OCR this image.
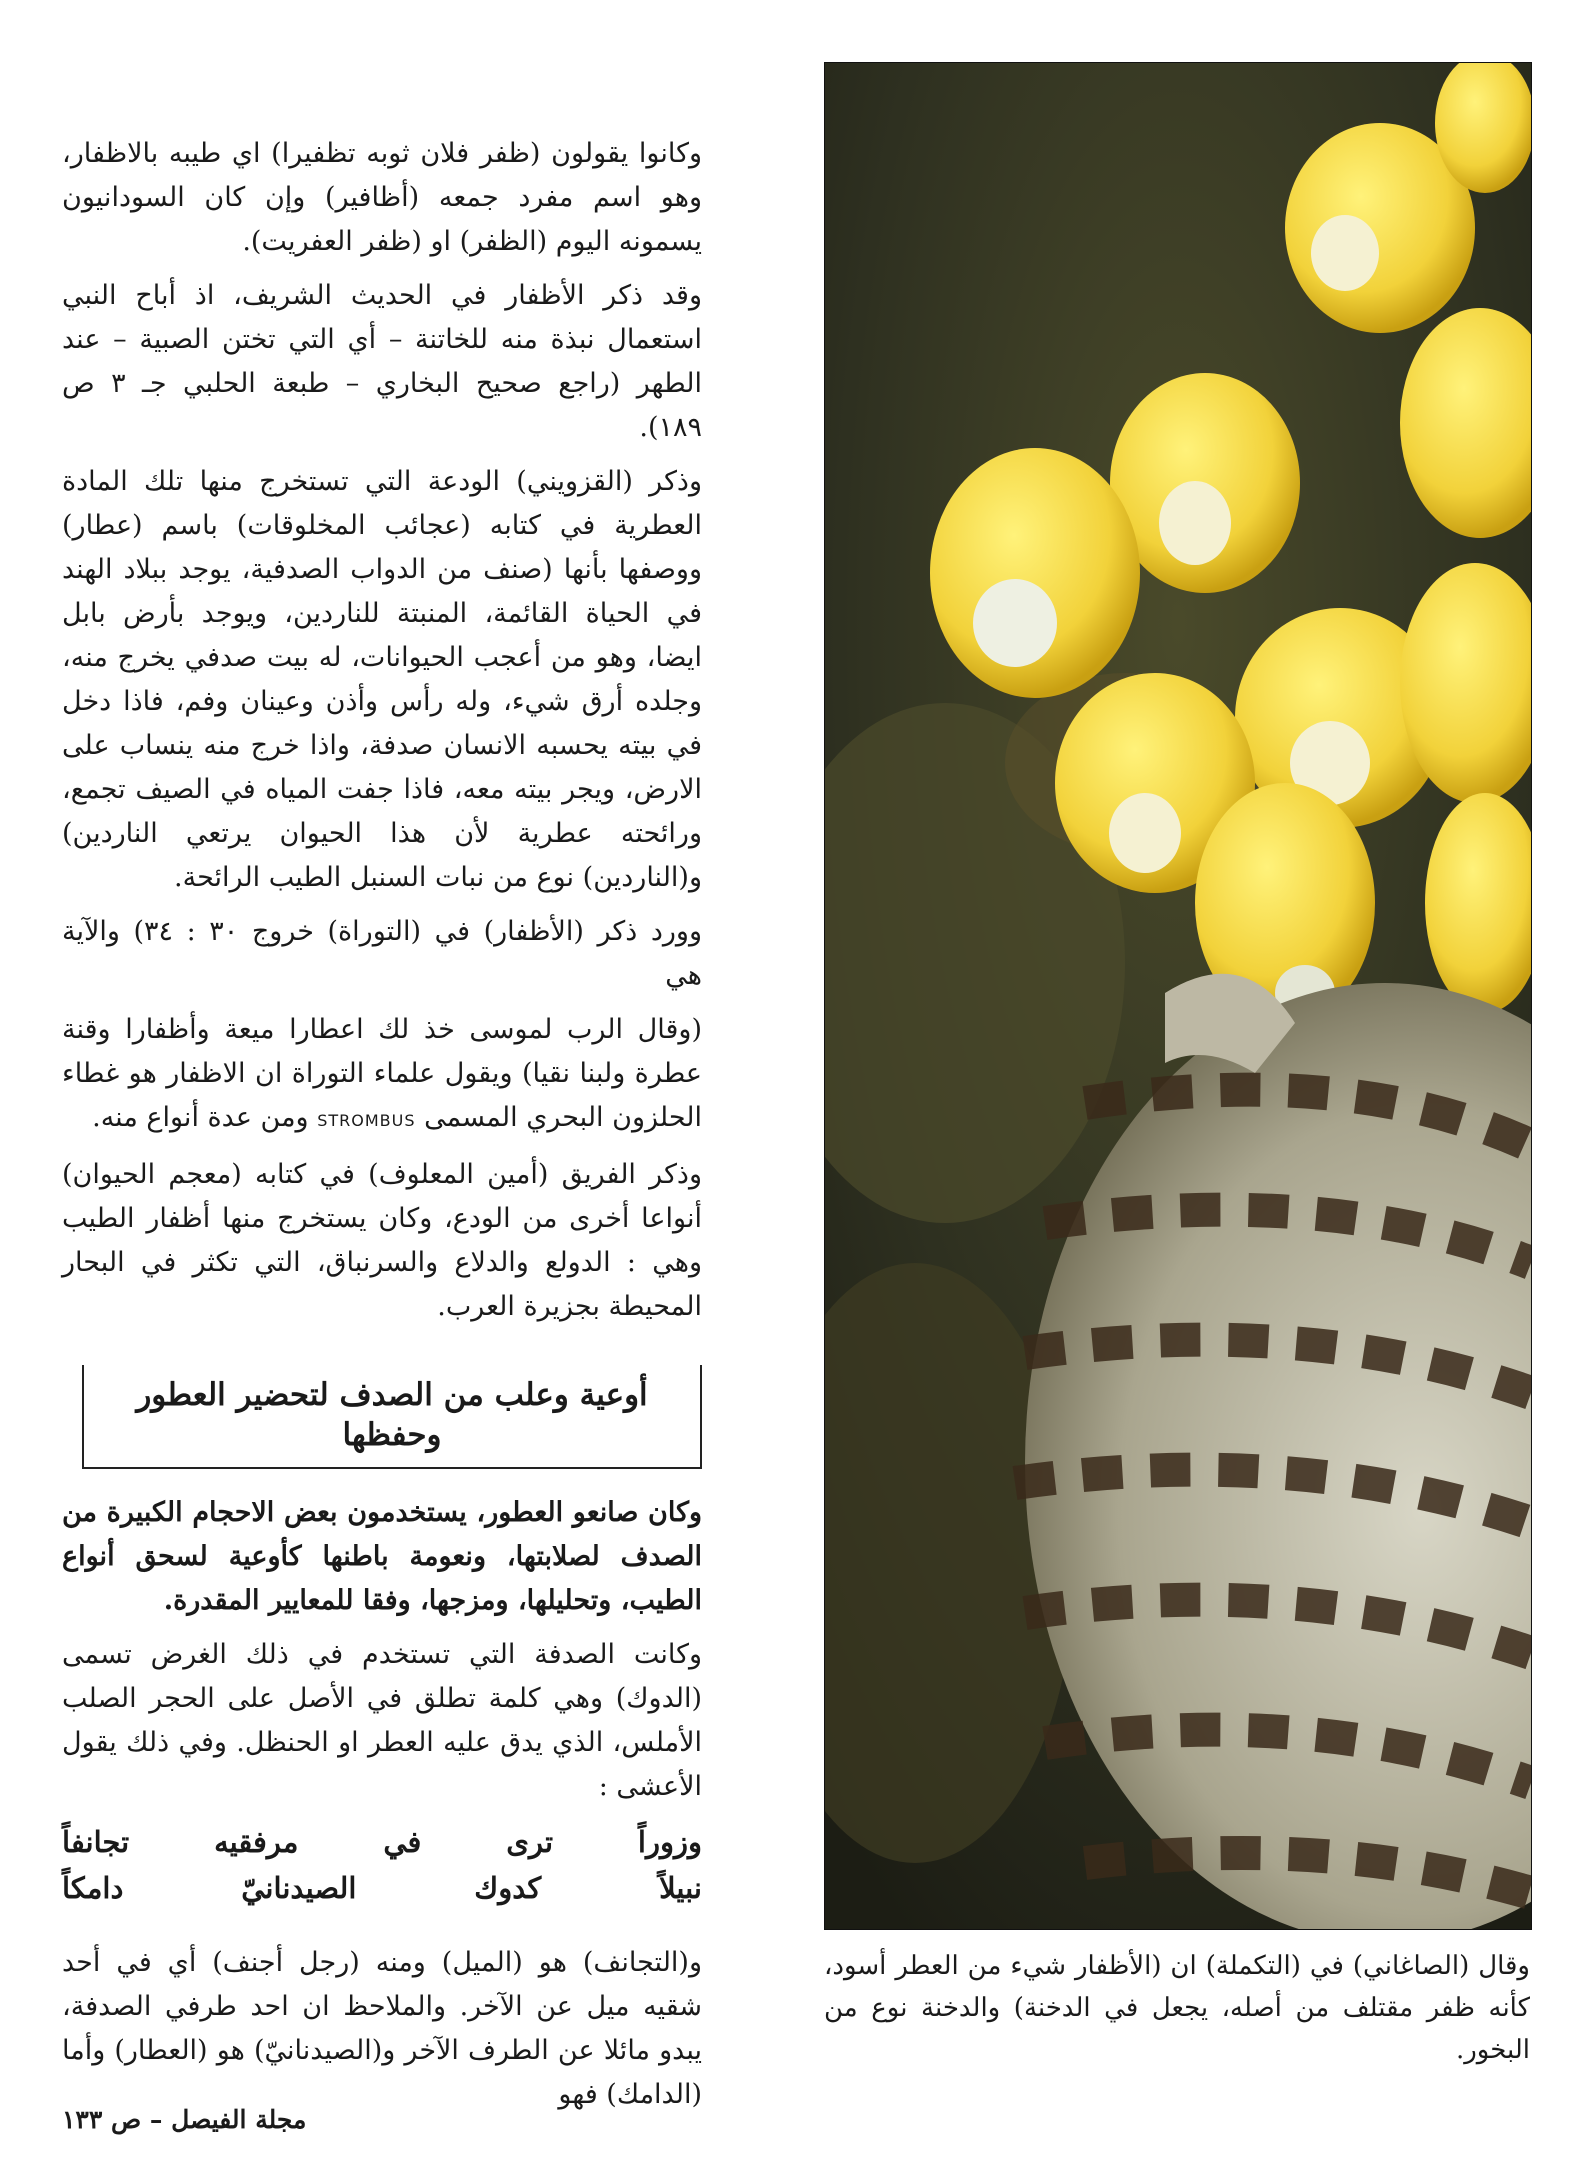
وكانوا يقولون (ظفر فلان ثوبه تظفيرا) اي طيبه بالاظفار، وهو اسم مفرد جمعه (أظافير) وإن كان السودانيون يسمونه اليوم (الظفر) او (ظفر العفريت).

وقد ذكر الأظفار في الحديث الشريف، اذ أباح النبي استعمال نبذة منه للخاتنة – أي التي تختن الصبية – عند الطهر (راجع صحيح البخاري – طبعة الحلبي جـ ٣ ص ١٨٩).

وذكر (القزويني) الودعة التي تستخرج منها تلك المادة العطرية في كتابه (عجائب المخلوقات) باسم (عطار) ووصفها بأنها (صنف من الدواب الصدفية، يوجد ببلاد الهند في الحياة القائمة، المنبتة للناردين، ويوجد بأرض بابل ايضا، وهو من أعجب الحيوانات، له بيت صدفي يخرج منه، وجلده أرق شيء، وله رأس وأذن وعينان وفم، فاذا دخل في بيته يحسبه الانسان صدفة، واذا خرج منه ينساب على الارض، ويجر بيته معه، فاذا جفت المياه في الصيف تجمع، ورائحته عطرية لأن هذا الحيوان يرتعي الناردين) و(الناردين) نوع من نبات السنبل الطيب الرائحة.

وورد ذكر (الأظفار) في (التوراة) خروج ٣٠ : ٣٤) والآية هي

(وقال الرب لموسى خذ لك اعطارا ميعة وأظفارا وقنة عطرة ولبنا نقيا) ويقول علماء التوراة ان الاظفار هو غطاء الحلزون البحري المسمى STROMBUS ومن عدة أنواع منه.

وذكر الفريق (أمين المعلوف) في كتابه (معجم الحيوان) أنواعا أخرى من الودع، وكان يستخرج منها أظفار الطيب وهي : الدولع والدلاع والسرنباق، التي تكثر في البحار المحيطة بجزيرة العرب.

أوعية وعلب من الصدف لتحضير العطور وحفظها

وكان صانعو العطور، يستخدمون بعض الاحجام الكبيرة من الصدف لصلابتها، ونعومة باطنها كأوعية لسحق أنواع الطيب، وتحليلها، ومزجها، وفقا للمعايير المقدرة.

وكانت الصدفة التي تستخدم في ذلك الغرض تسمى (الدوك) وهي كلمة تطلق في الأصل على الحجر الصلب الأملس، الذي يدق عليه العطر او الحنظل. وفي ذلك يقول الأعشى :

وزوراً ترى في مرفقيه تجانفاً
نبيلاً كدوك الصيدنانيّ دامكاً

و(التجانف) هو (الميل) ومنه (رجل أجنف) أي في أحد شقيه ميل عن الآخر. والملاحظ ان احد طرفي الصدفة، يبدو مائلا عن الطرف الآخر و(الصيدنانيّ) هو (العطار) وأما (الدامك) فهو

وقال (الصاغاني) في (التكملة) ان (الأظفار شيء من العطر أسود، كأنه ظفر مقتلف من أصله، يجعل في الدخنة) والدخنة نوع من البخور.
مجلة الفيصل – ص ١٣٣
